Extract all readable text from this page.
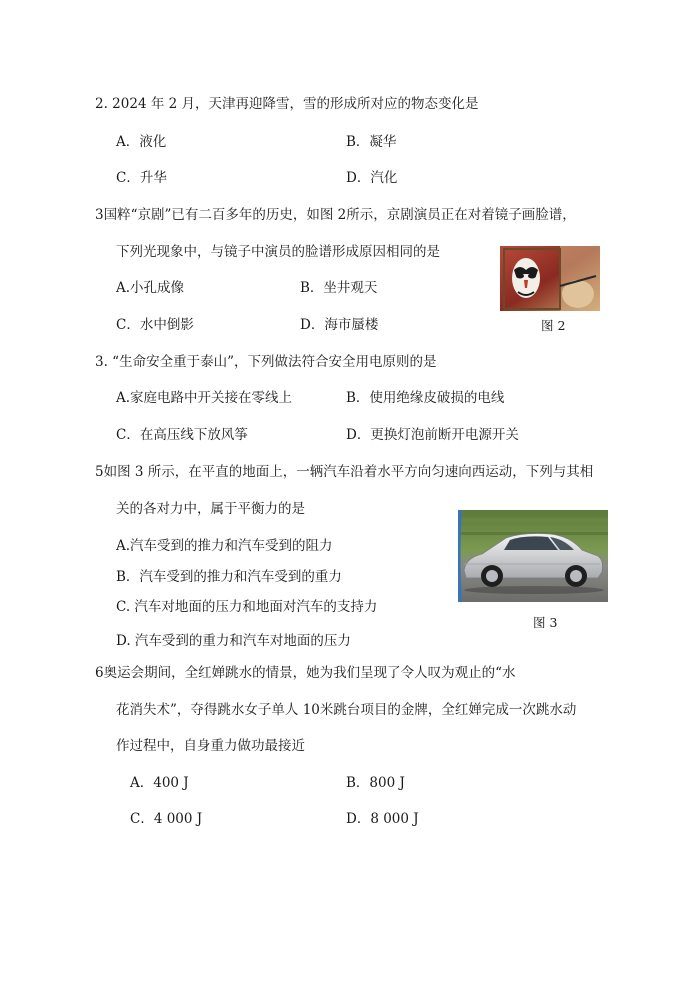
2. 2024 年 2 月，天津再迎降雪，雪的形成所对应的物态变化是
A．液化	B．凝华
C．升华	D．汽化
3国粹“京剧”已有二百多年的历史，如图 2所示，京剧演员正在对着镜子画脸谱，
下列光现象中，与镜子中演员的脸谱形成原因相同的是
A.小孔成像	B．坐井观天
C．水中倒影	D．海市蜃楼	图 2
3. “生命安全重于泰山”，下列做法符合安全用电原则的是
A.家庭电路中开关接在零线上	B．使用绝缘皮破损的电线
C．在高压线下放风筝	D．更换灯泡前断开电源开关
5如图 3 所示，在平直的地面上，一辆汽车沿着水平方向匀速向西运动，下列与其相
关的各对力中，属于平衡力的是
A.汽车受到的推力和汽车受到的阻力
B．汽车受到的推力和汽车受到的重力
C. 汽车对地面的压力和地面对汽车的支持力
D. 汽车受到的重力和汽车对地面的压力
图 3
6奥运会期间，全红婵跳水的情景，她为我们呈现了令人叹为观止的“水
花消失术”，夺得跳水女子单人 10米跳台项目的金牌，全红婵完成一次跳水动
作过程中，自身重力做功最接近
A．400 J	B．800 J
C．4 000 J	D．8 000 J
